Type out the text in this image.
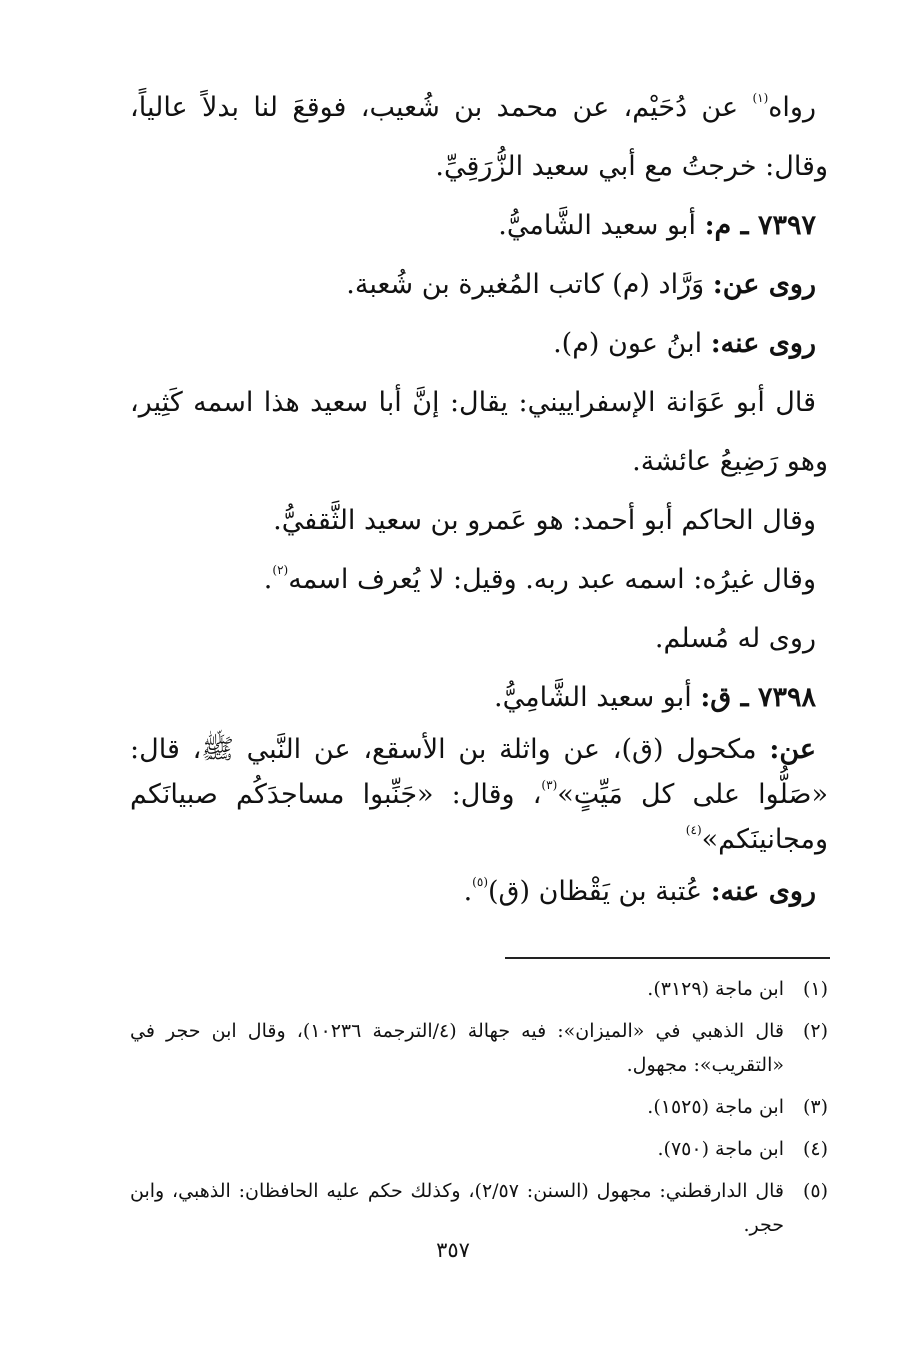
رواه$^{(١)}$ عن دُحَيْم، عن محمد بن شُعيب، فوقعَ لنا بدلاً عالياً، وقال: خرجتُ مع أبي سعيد الزُّرَقِيِّ.

٧٣٩٧ ـ م: أبو سعيد الشَّاميُّ.

روى عن: وَرَّاد (م) كاتب المُغيرة بن شُعبة.

روى عنه: ابنُ عون (م).

قال أبو عَوَانة الإسفراييني: يقال: إنَّ أبا سعيد هذا اسمه كَثِير، وهو رَضِيعُ عائشة.

وقال الحاكم أبو أحمد: هو عَمرو بن سعيد الثَّقفيُّ.

وقال غيرُه: اسمه عبد ربه. وقيل: لا يُعرف اسمه$^{(٢)}$.

روى له مُسلم.

٧٣٩٨ ـ ق: أبو سعيد الشَّامِيُّ.

عن: مكحول (ق)، عن واثلة بن الأسقع، عن النَّبي ﷺ، قال: «صَلُّوا على كل مَيِّتٍ»$^{(٣)}$، وقال: «جَنِّبوا مساجدَكُم صبيانَكم ومجانينَكم»$^{(٤)}$

روى عنه: عُتبة بن يَقْظان (ق)$^{(٥)}$.

(١)
ابن ماجة (٣١٢٩).
(٢)
قال الذهبي في «الميزان»: فيه جهالة (٤/الترجمة ١٠٢٣٦)، وقال ابن حجر في «التقريب»: مجهول.
(٣)
ابن ماجة (١٥٢٥).
(٤)
ابن ماجة (٧٥٠).
(٥)
قال الدارقطني: مجهول (السنن: ٢/٥٧)، وكذلك حكم عليه الحافظان: الذهبي، وابن حجر.
٣٥٧
